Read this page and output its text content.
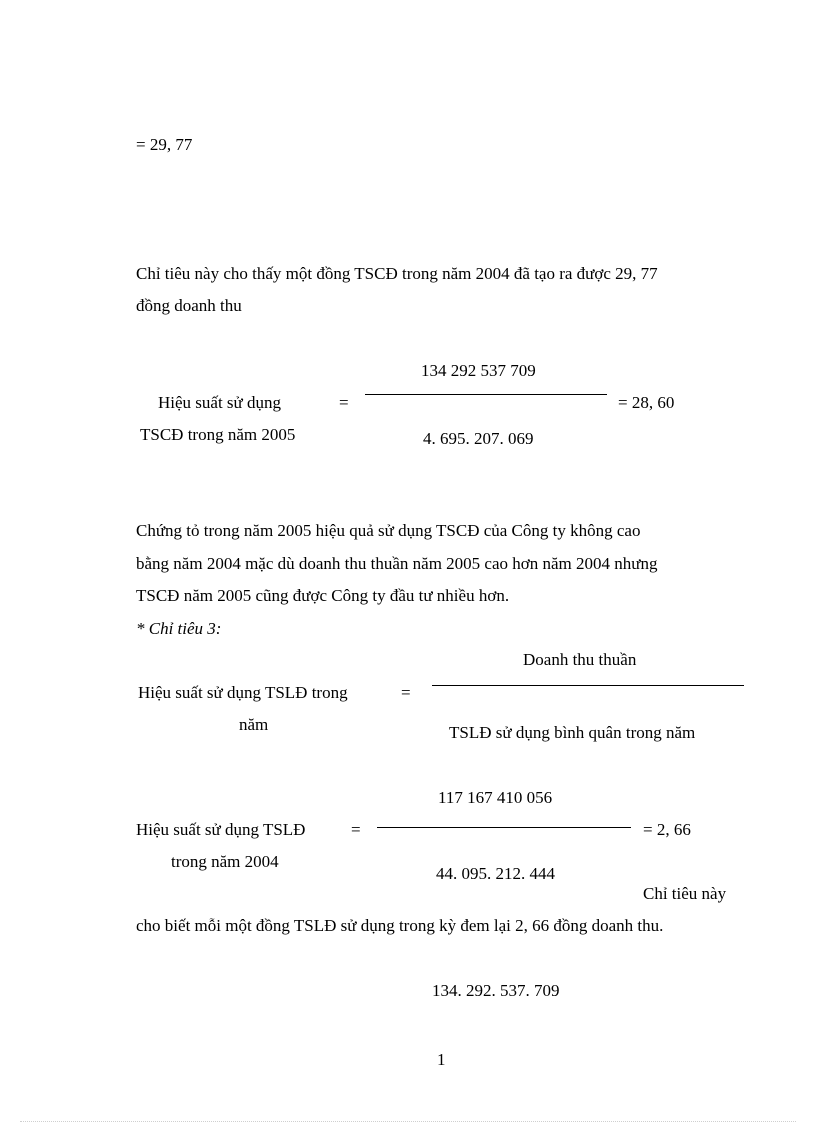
= 29, 77
Chỉ tiêu này cho thấy một đồng TSCĐ trong năm 2004 đã tạo ra được 29, 77
đồng doanh thu
134 292 537 709
Hiệu suất sử dụng	=	= 28, 60
TSCĐ trong năm 2005	4. 695. 207. 069
Chứng tỏ trong năm 2005 hiệu quả sử dụng TSCĐ của Công ty không cao
bằng năm 2004 mặc dù doanh thu thuần năm 2005 cao hơn năm 2004 nhưng
TSCĐ năm 2005 cũng được Công ty đầu tư nhiều hơn.
* Chỉ tiêu 3:
Doanh thu thuần
Hiệu suất sử dụng TSLĐ trong	=
năm	TSLĐ sử dụng bình quân trong năm
117 167 410 056
Hiệu suất sử dụng TSLĐ	=	= 2, 66
trong năm 2004
44. 095. 212. 444
Chỉ tiêu này
cho biết mỗi một đồng TSLĐ sử dụng trong kỳ đem lại 2, 66 đồng doanh thu.
134. 292. 537. 709
1
